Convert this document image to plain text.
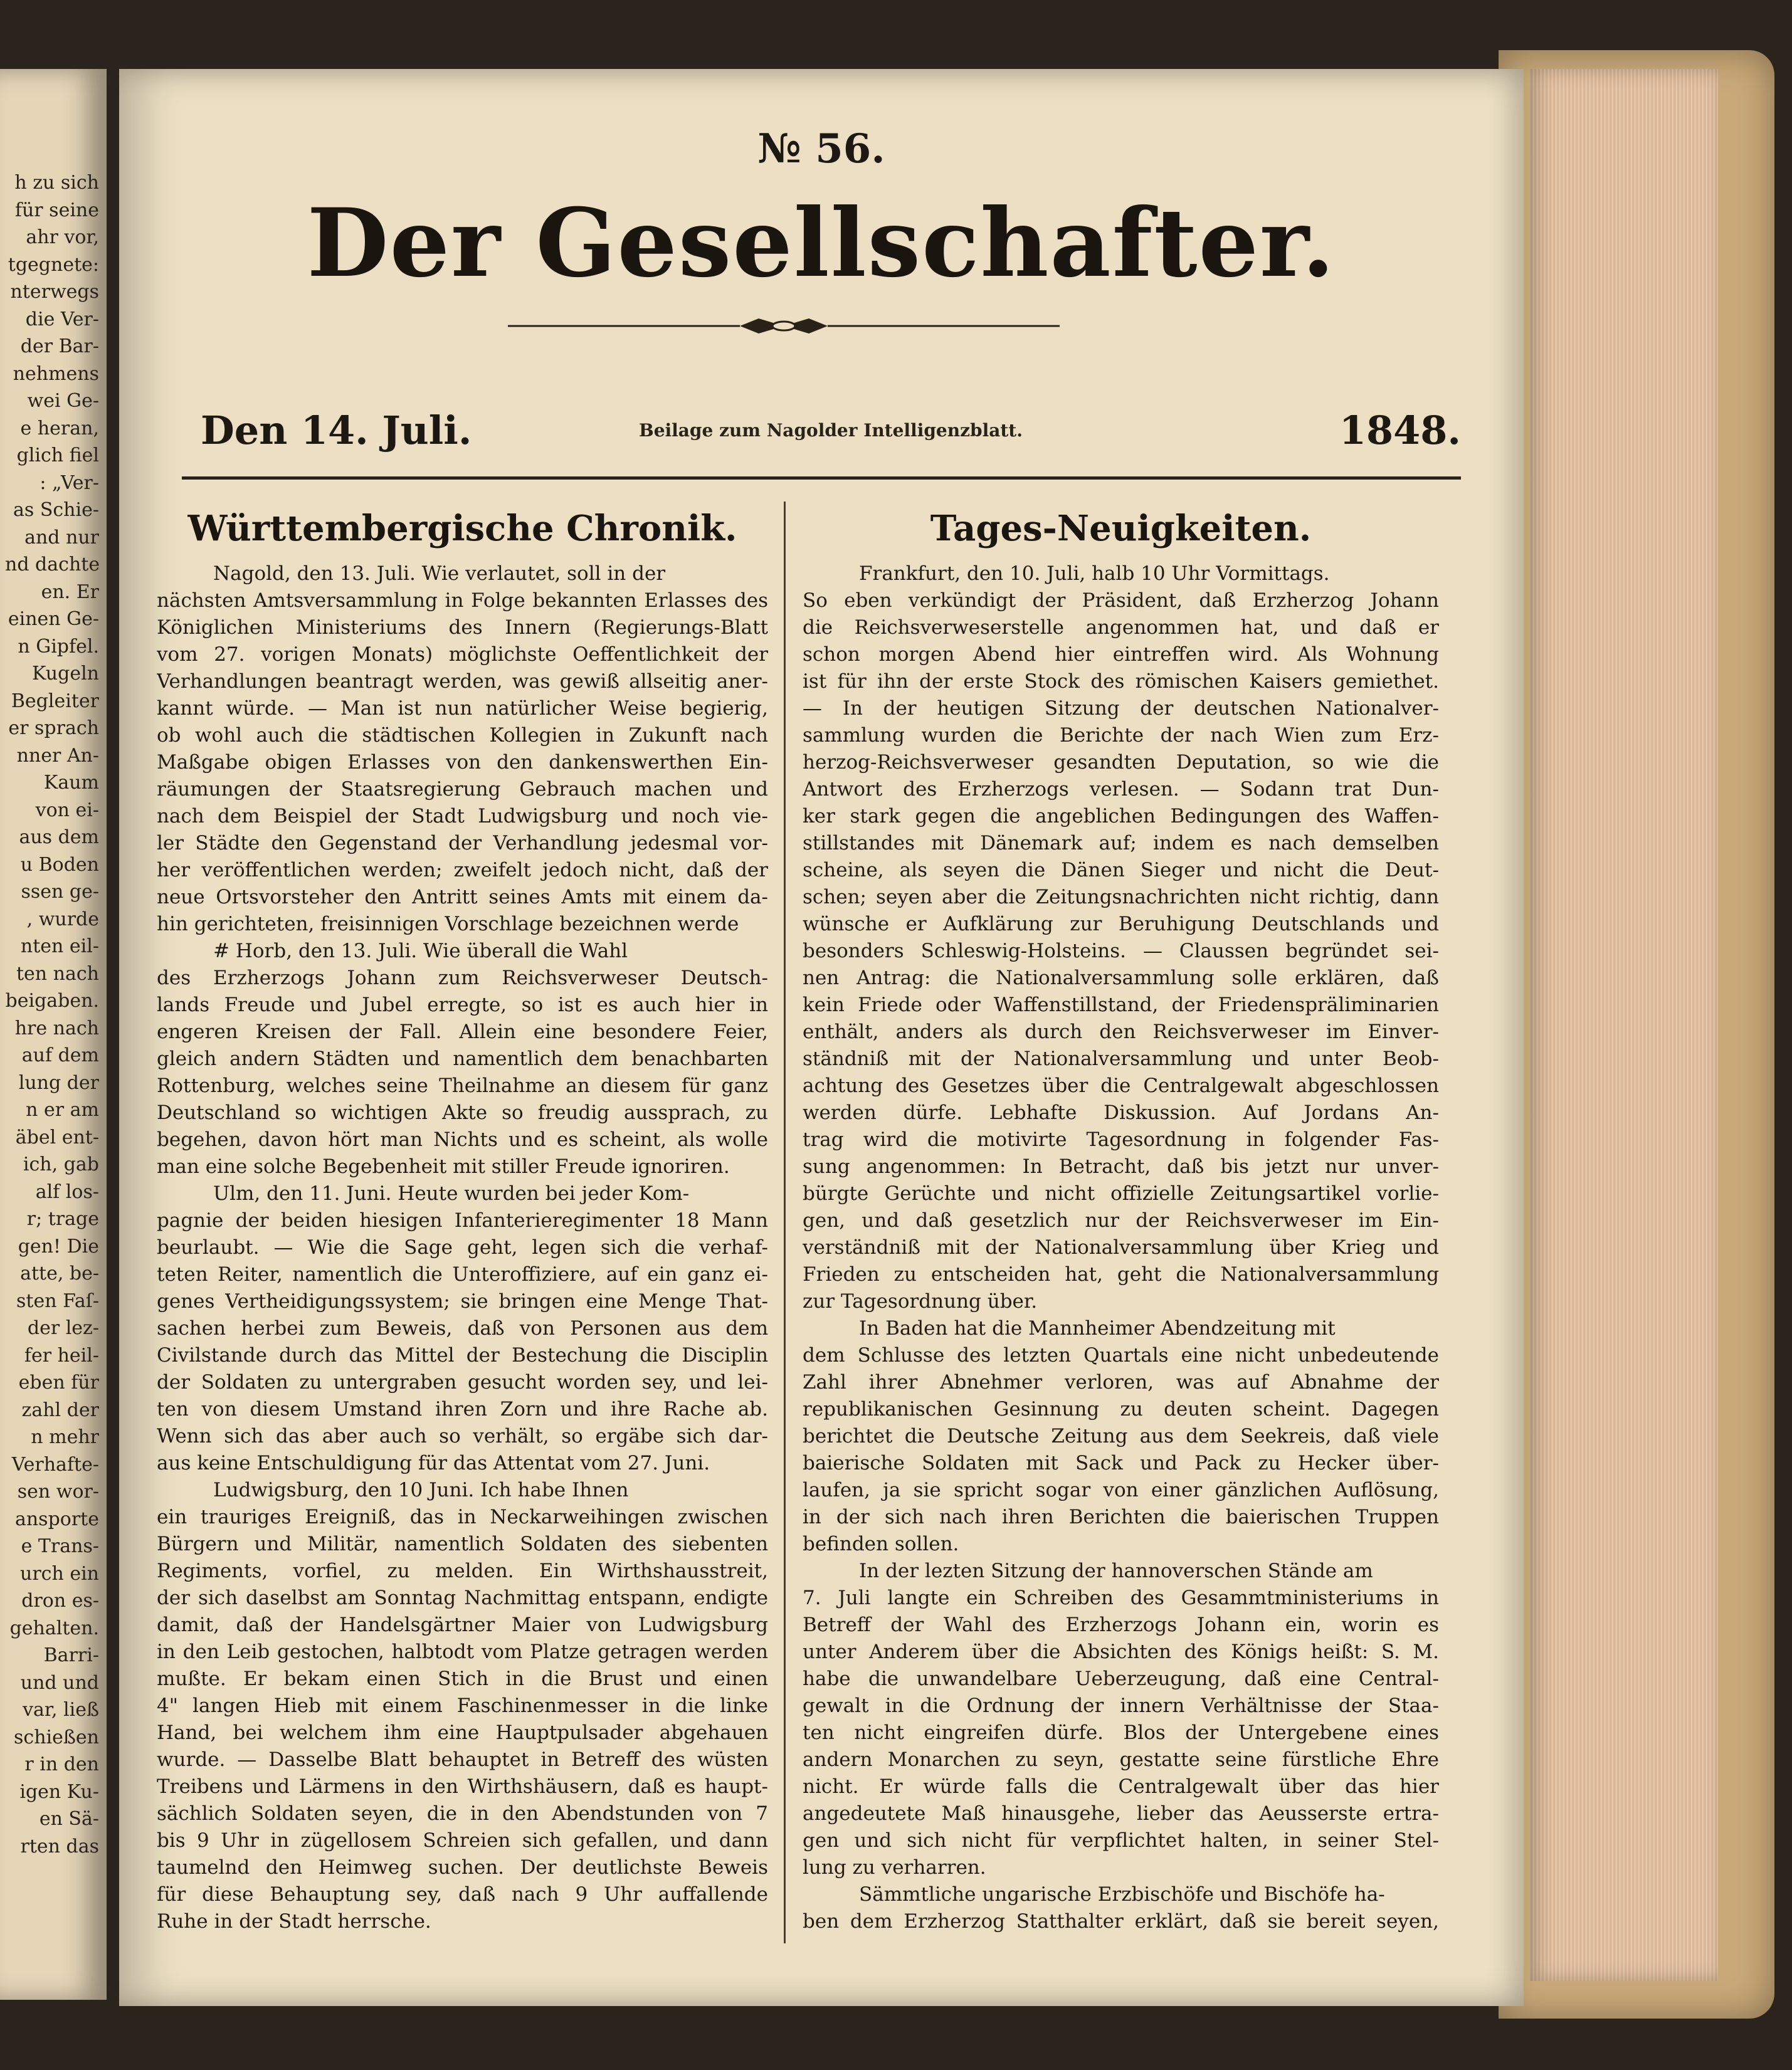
h zu sich
für seine
ahr vor,
tgegnete:
nterwegs
die Ver-
der Bar-
nehmens
wei Ge-
e heran,
glich fiel
: „Ver-
as Schie-
and nur
nd dachte
en. Er
einen Ge-
n Gipfel.
Kugeln
Begleiter
er sprach
nner An-
Kaum
von ei-
aus dem
u Boden
ssen ge-
, wurde
nten eil-
ten nach
beigaben.
hre nach
auf dem
lung der
n er am
äbel ent-
ich, gab
alf los-
r; trage
gen! Die
atte, be-
sten Faſ-
der lez-
fer heil-
eben für
zahl der
n mehr
Verhafte-
sen wor-
ansporte
e Trans-
urch ein
dron es-
gehalten.
Barri-
und und
var, ließ
schießen
r in den
igen Ku-
en Sä-
rten das
№ 56.
Der Gesellschafter.
Den 14. Juli.	Beilage zum Nagolder Intelligenzblatt.	1848.
Württembergische Chronik.
Nagold, den 13. Juli. Wie verlautet, soll in der
nächsten Amtsversammlung in Folge bekannten Erlasses des
Königlichen Ministeriums des Innern (Regierungs-Blatt
vom 27. vorigen Monats) möglichste Oeffentlichkeit der
Verhandlungen beantragt werden, was gewiß allseitig aner-
kannt würde. — Man ist nun natürlicher Weise begierig,
ob wohl auch die städtischen Kollegien in Zukunft nach
Maßgabe obigen Erlasses von den dankenswerthen Ein-
räumungen der Staatsregierung Gebrauch machen und
nach dem Beispiel der Stadt Ludwigsburg und noch vie-
ler Städte den Gegenstand der Verhandlung jedesmal vor-
her veröffentlichen werden; zweifelt jedoch nicht, daß der
neue Ortsvorsteher den Antritt seines Amts mit einem da-
hin gerichteten, freisinnigen Vorschlage bezeichnen werde
# Horb, den 13. Juli. Wie überall die Wahl
des Erzherzogs Johann zum Reichsverweser Deutsch-
lands Freude und Jubel erregte, so ist es auch hier in
engeren Kreisen der Fall. Allein eine besondere Feier,
gleich andern Städten und namentlich dem benachbarten
Rottenburg, welches seine Theilnahme an diesem für ganz
Deutschland so wichtigen Akte so freudig aussprach, zu
begehen, davon hört man Nichts und es scheint, als wolle
man eine solche Begebenheit mit stiller Freude ignoriren.
Ulm, den 11. Juni. Heute wurden bei jeder Kom-
pagnie der beiden hiesigen Infanterieregimenter 18 Mann
beurlaubt. — Wie die Sage geht, legen sich die verhaf-
teten Reiter, namentlich die Unteroffiziere, auf ein ganz ei-
genes Vertheidigungssystem; sie bringen eine Menge That-
sachen herbei zum Beweis, daß von Personen aus dem
Civilstande durch das Mittel der Bestechung die Disciplin
der Soldaten zu untergraben gesucht worden sey, und lei-
ten von diesem Umstand ihren Zorn und ihre Rache ab.
Wenn sich das aber auch so verhält, so ergäbe sich dar-
aus keine Entschuldigung für das Attentat vom 27. Juni.
Ludwigsburg, den 10 Juni. Ich habe Ihnen
ein trauriges Ereigniß, das in Neckarweihingen zwischen
Bürgern und Militär, namentlich Soldaten des siebenten
Regiments, vorfiel, zu melden. Ein Wirthshausstreit,
der sich daselbst am Sonntag Nachmittag entspann, endigte
damit, daß der Handelsgärtner Maier von Ludwigsburg
in den Leib gestochen, halbtodt vom Platze getragen werden
mußte. Er bekam einen Stich in die Brust und einen
4" langen Hieb mit einem Faschinenmesser in die linke
Hand, bei welchem ihm eine Hauptpulsader abgehauen
wurde. — Dasselbe Blatt behauptet in Betreff des wüsten
Treibens und Lärmens in den Wirthshäusern, daß es haupt-
sächlich Soldaten seyen, die in den Abendstunden von 7
bis 9 Uhr in zügellosem Schreien sich gefallen, und dann
taumelnd den Heimweg suchen. Der deutlichste Beweis
für diese Behauptung sey, daß nach 9 Uhr auffallende
Ruhe in der Stadt herrsche.
Tages-Neuigkeiten.
Frankfurt, den 10. Juli, halb 10 Uhr Vormittags.
So eben verkündigt der Präsident, daß Erzherzog Johann
die Reichsverweserstelle angenommen hat, und daß er
schon morgen Abend hier eintreffen wird. Als Wohnung
ist für ihn der erste Stock des römischen Kaisers gemiethet.
— In der heutigen Sitzung der deutschen Nationalver-
sammlung wurden die Berichte der nach Wien zum Erz-
herzog-Reichsverweser gesandten Deputation, so wie die
Antwort des Erzherzogs verlesen. — Sodann trat Dun-
ker stark gegen die angeblichen Bedingungen des Waffen-
stillstandes mit Dänemark auf; indem es nach demselben
scheine, als seyen die Dänen Sieger und nicht die Deut-
schen; seyen aber die Zeitungsnachrichten nicht richtig, dann
wünsche er Aufklärung zur Beruhigung Deutschlands und
besonders Schleswig-Holsteins. — Claussen begründet sei-
nen Antrag: die Nationalversammlung solle erklären, daß
kein Friede oder Waffenstillstand, der Friedenspräliminarien
enthält, anders als durch den Reichsverweser im Einver-
ständniß mit der Nationalversammlung und unter Beob-
achtung des Gesetzes über die Centralgewalt abgeschlossen
werden dürfe. Lebhafte Diskussion. Auf Jordans An-
trag wird die motivirte Tagesordnung in folgender Fas-
sung angenommen: In Betracht, daß bis jetzt nur unver-
bürgte Gerüchte und nicht offizielle Zeitungsartikel vorlie-
gen, und daß gesetzlich nur der Reichsverweser im Ein-
verständniß mit der Nationalversammlung über Krieg und
Frieden zu entscheiden hat, geht die Nationalversammlung
zur Tagesordnung über.
In Baden hat die Mannheimer Abendzeitung mit
dem Schlusse des letzten Quartals eine nicht unbedeutende
Zahl ihrer Abnehmer verloren, was auf Abnahme der
republikanischen Gesinnung zu deuten scheint. Dagegen
berichtet die Deutsche Zeitung aus dem Seekreis, daß viele
baierische Soldaten mit Sack und Pack zu Hecker über-
laufen, ja sie spricht sogar von einer gänzlichen Auflösung,
in der sich nach ihren Berichten die baierischen Truppen
befinden sollen.
In der lezten Sitzung der hannoverschen Stände am
7. Juli langte ein Schreiben des Gesammtministeriums in
Betreff der Wahl des Erzherzogs Johann ein, worin es
unter Anderem über die Absichten des Königs heißt: S. M.
habe die unwandelbare Ueberzeugung, daß eine Central-
gewalt in die Ordnung der innern Verhältnisse der Staa-
ten nicht eingreifen dürfe. Blos der Untergebene eines
andern Monarchen zu seyn, gestatte seine fürstliche Ehre
nicht. Er würde falls die Centralgewalt über das hier
angedeutete Maß hinausgehe, lieber das Aeusserste ertra-
gen und sich nicht für verpflichtet halten, in seiner Stel-
lung zu verharren.
Sämmtliche ungarische Erzbischöfe und Bischöfe ha-
ben dem Erzherzog Statthalter erklärt, daß sie bereit seyen,
